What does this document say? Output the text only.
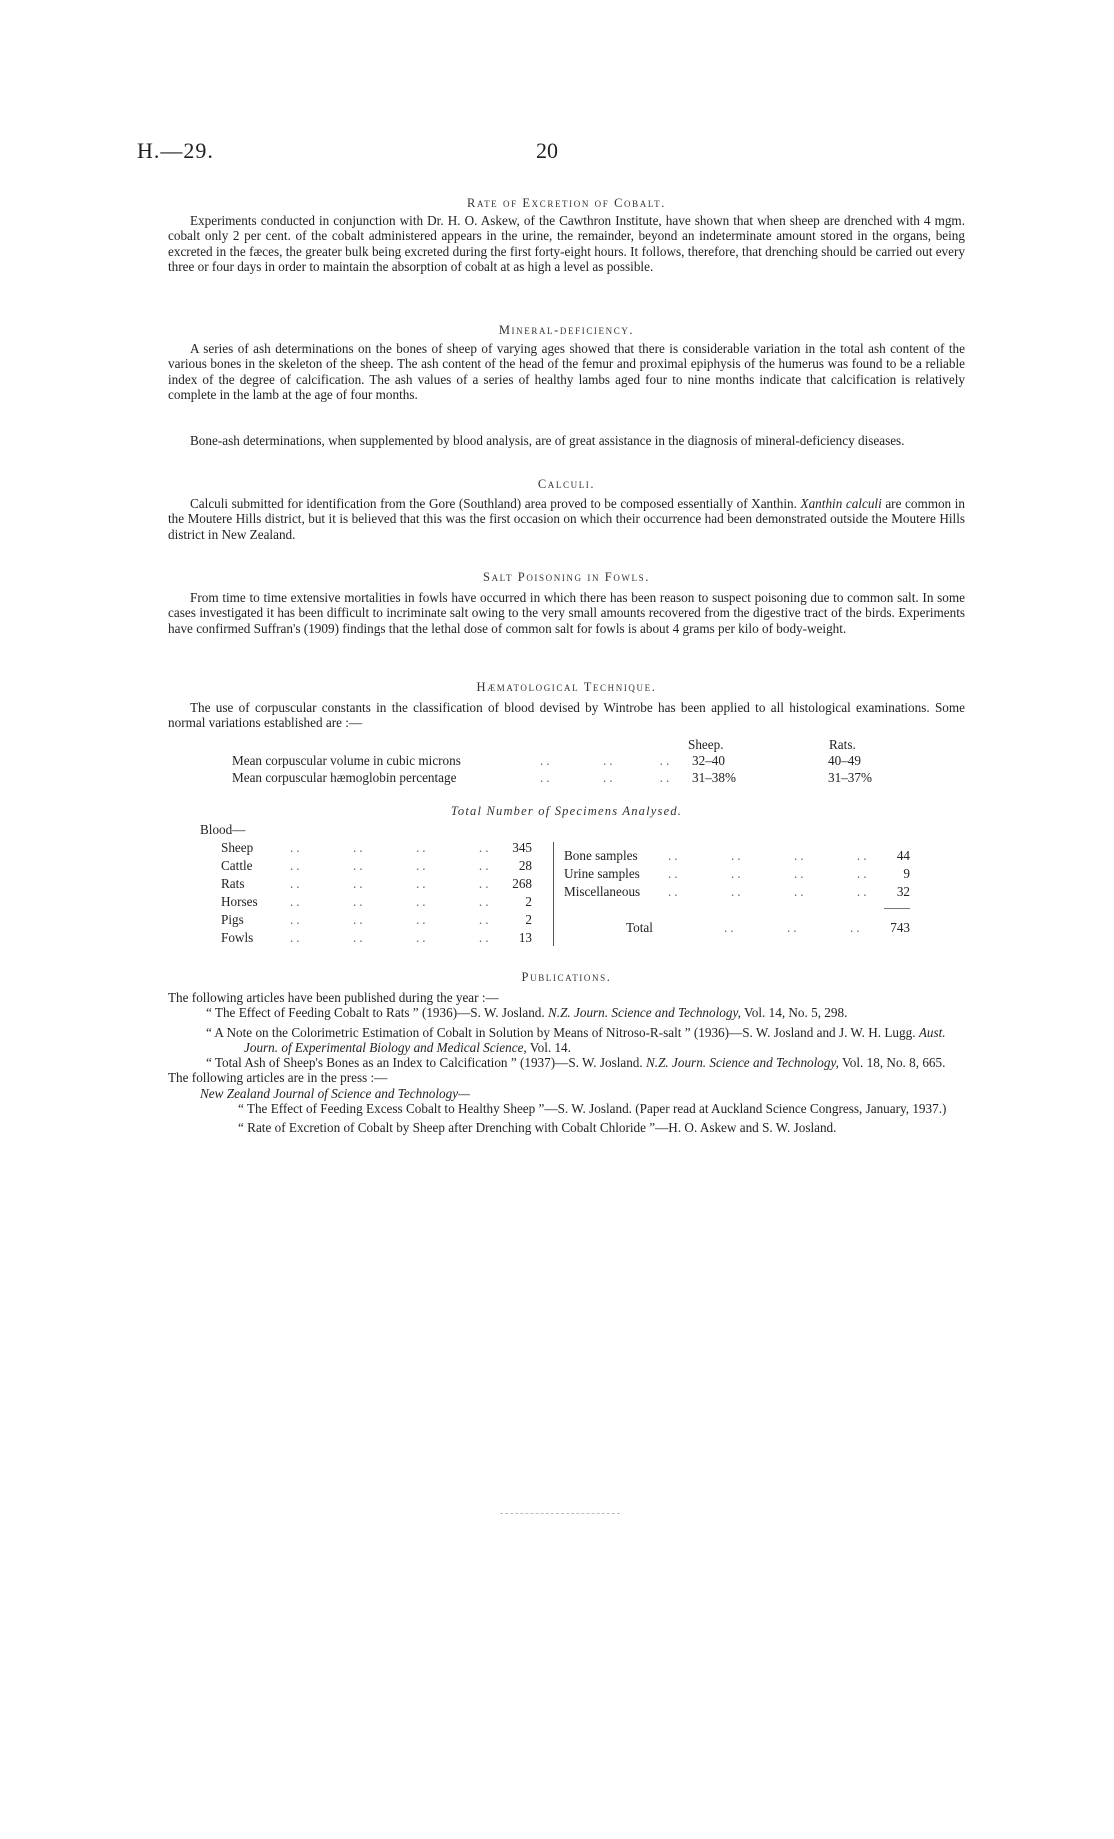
H.—29.	20
Rate of Excretion of Cobalt.
Experiments conducted in conjunction with Dr. H. O. Askew, of the Cawthron Institute, have shown that when sheep are drenched with 4 mgm. cobalt only 2 per cent. of the cobalt administered appears in the urine, the remainder, beyond an indeterminate amount stored in the organs, being excreted in the fæces, the greater bulk being excreted during the first forty-eight hours. It follows, therefore, that drenching should be carried out every three or four days in order to maintain the absorption of cobalt at as high a level as possible.
Mineral-deficiency.
A series of ash determinations on the bones of sheep of varying ages showed that there is considerable variation in the total ash content of the various bones in the skeleton of the sheep. The ash content of the head of the femur and proximal epiphysis of the humerus was found to be a reliable index of the degree of calcification. The ash values of a series of healthy lambs aged four to nine months indicate that calcification is relatively complete in the lamb at the age of four months.
Bone-ash determinations, when supplemented by blood analysis, are of great assistance in the diagnosis of mineral-deficiency diseases.
Calculi.
Calculi submitted for identification from the Gore (Southland) area proved to be composed essentially of Xanthin. Xanthin calculi are common in the Moutere Hills district, but it is believed that this was the first occasion on which their occurrence had been demonstrated outside the Moutere Hills district in New Zealand.
Salt Poisoning in Fowls.
From time to time extensive mortalities in fowls have occurred in which there has been reason to suspect poisoning due to common salt. In some cases investigated it has been difficult to incriminate salt owing to the very small amounts recovered from the digestive tract of the birds. Experiments have confirmed Suffran's (1909) findings that the lethal dose of common salt for fowls is about 4 grams per kilo of body-weight.
Hæmatological Technique.
The use of corpuscular constants in the classification of blood devised by Wintrobe has been applied to all histological examinations. Some normal variations established are :—
Sheep.	Rats.
Mean corpuscular volume in cubic microns	..        ..       .. 32–40	40–49
Mean corpuscular hæmoglobin percentage	..        ..       .. 31–38%	31–37%
Total Number of Specimens Analysed.
Blood—
Sheep	..        ..        ..        ..	345
Cattle	..        ..        ..        ..	28
Rats	..        ..        ..        ..	268
Horses ..        ..        ..        ..	2
Pigs	..        ..        ..        ..	2
Fowls	..        ..        ..        ..	13
Bone samples ..        ..        ..        ..	44
Urine samples ..        ..        ..        ..	9
Miscellaneous ..        ..        ..        ..	32
Total	..        ..        ..	743
Publications.
The following articles have been published during the year :—
“ The Effect of Feeding Cobalt to Rats ” (1936)—S. W. Josland. N.Z. Journ. Science and Technology, Vol. 14, No. 5, 298.
“ A Note on the Colorimetric Estimation of Cobalt in Solution by Means of Nitroso-R-salt ” (1936)—S. W. Josland and J. W. H. Lugg. Aust. Journ. of Experimental Biology and Medical Science, Vol. 14.
“ Total Ash of Sheep's Bones as an Index to Calcification ” (1937)—S. W. Josland. N.Z. Journ. Science and Technology, Vol. 18, No. 8, 665.
The following articles are in the press :—
New Zealand Journal of Science and Technology—
“ The Effect of Feeding Excess Cobalt to Healthy Sheep ”—S. W. Josland. (Paper read at Auckland Science Congress, January, 1937.)
“ Rate of Excretion of Cobalt by Sheep after Drenching with Cobalt Chloride ”—H. O. Askew and S. W. Josland.
